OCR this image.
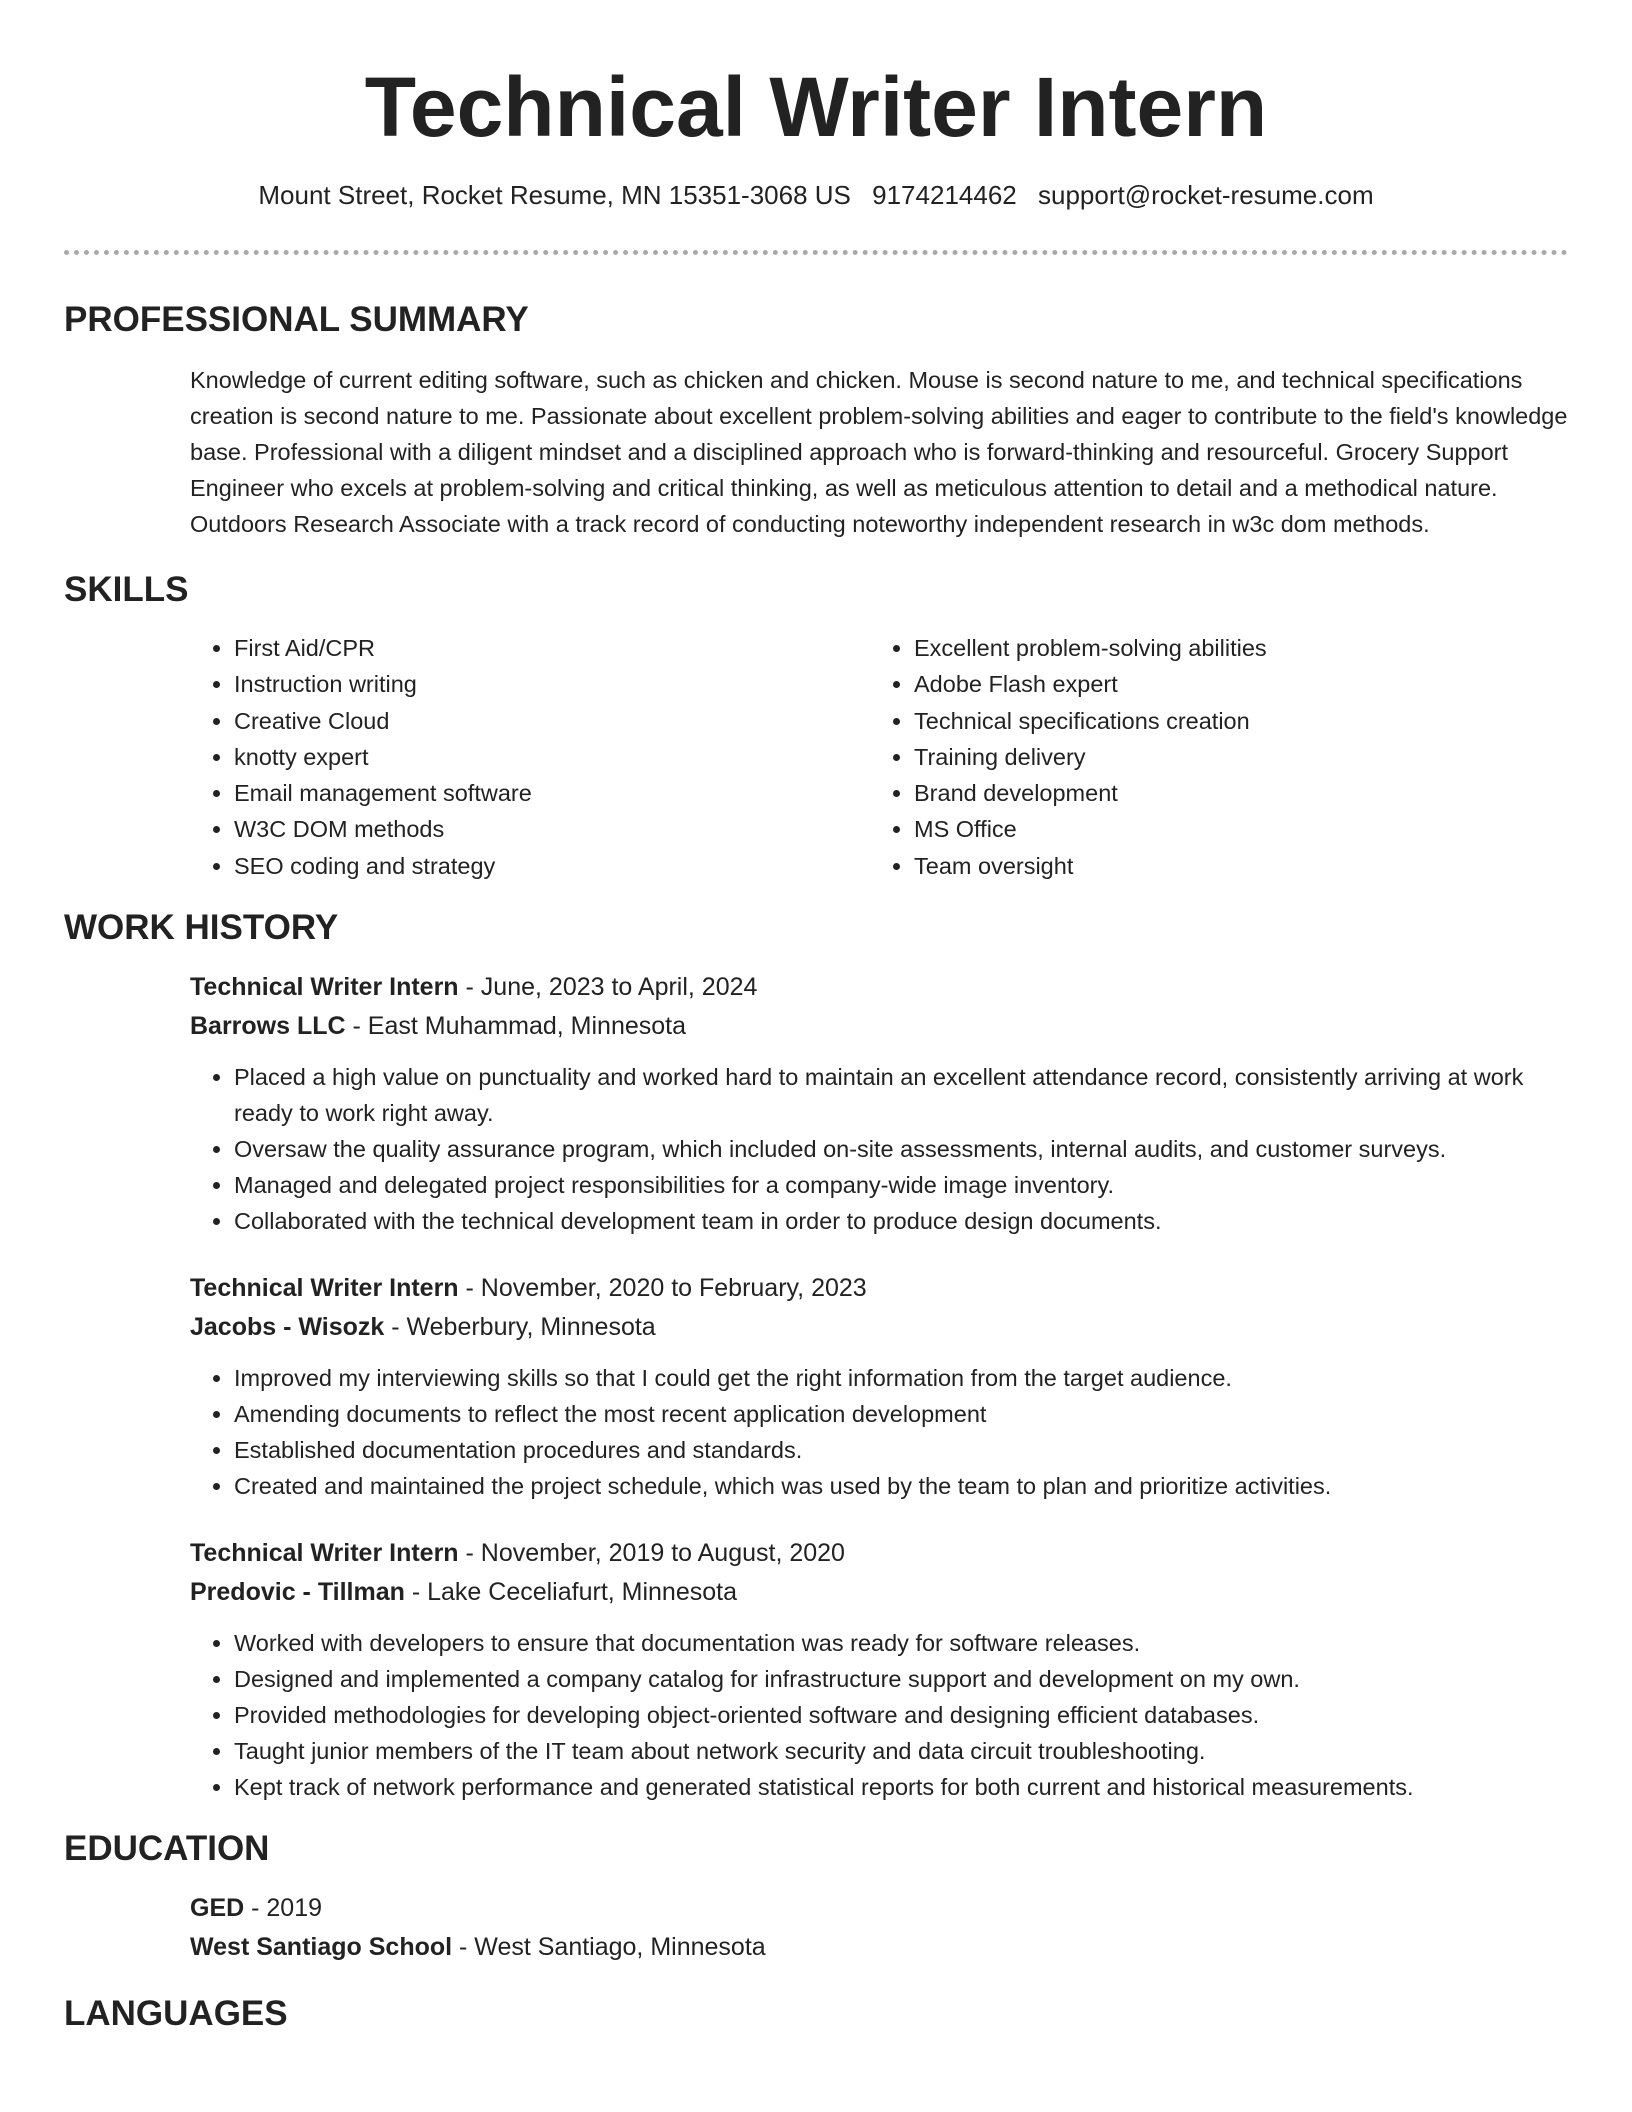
Technical Writer Intern
Mount Street, Rocket Resume, MN 15351-3068 US 9174214462 support@rocket-resume.com
PROFESSIONAL SUMMARY
Knowledge of current editing software, such as chicken and chicken. Mouse is second nature to me, and technical specifications creation is second nature to me. Passionate about excellent problem-solving abilities and eager to contribute to the field's knowledge base. Professional with a diligent mindset and a disciplined approach who is forward-thinking and resourceful. Grocery Support Engineer who excels at problem-solving and critical thinking, as well as meticulous attention to detail and a methodical nature. Outdoors Research Associate with a track record of conducting noteworthy independent research in w3c dom methods.
SKILLS
• First Aid/CPR
• Instruction writing
• Creative Cloud
• knotty expert
• Email management software
• W3C DOM methods
• SEO coding and strategy
• Excellent problem-solving abilities
• Adobe Flash expert
• Technical specifications creation
• Training delivery
• Brand development
• MS Office
• Team oversight
WORK HISTORY
Technical Writer Intern - June, 2023 to April, 2024
Barrows LLC - East Muhammad, Minnesota
• Placed a high value on punctuality and worked hard to maintain an excellent attendance record, consistently arriving at work ready to work right away.
• Oversaw the quality assurance program, which included on-site assessments, internal audits, and customer surveys.
• Managed and delegated project responsibilities for a company-wide image inventory.
• Collaborated with the technical development team in order to produce design documents.
Technical Writer Intern - November, 2020 to February, 2023
Jacobs - Wisozk - Weberbury, Minnesota
• Improved my interviewing skills so that I could get the right information from the target audience.
• Amending documents to reflect the most recent application development
• Established documentation procedures and standards.
• Created and maintained the project schedule, which was used by the team to plan and prioritize activities.
Technical Writer Intern - November, 2019 to August, 2020
Predovic - Tillman - Lake Ceceliafurt, Minnesota
• Worked with developers to ensure that documentation was ready for software releases.
• Designed and implemented a company catalog for infrastructure support and development on my own.
• Provided methodologies for developing object-oriented software and designing efficient databases.
• Taught junior members of the IT team about network security and data circuit troubleshooting.
• Kept track of network performance and generated statistical reports for both current and historical measurements.
EDUCATION
GED - 2019
West Santiago School - West Santiago, Minnesota
LANGUAGES
